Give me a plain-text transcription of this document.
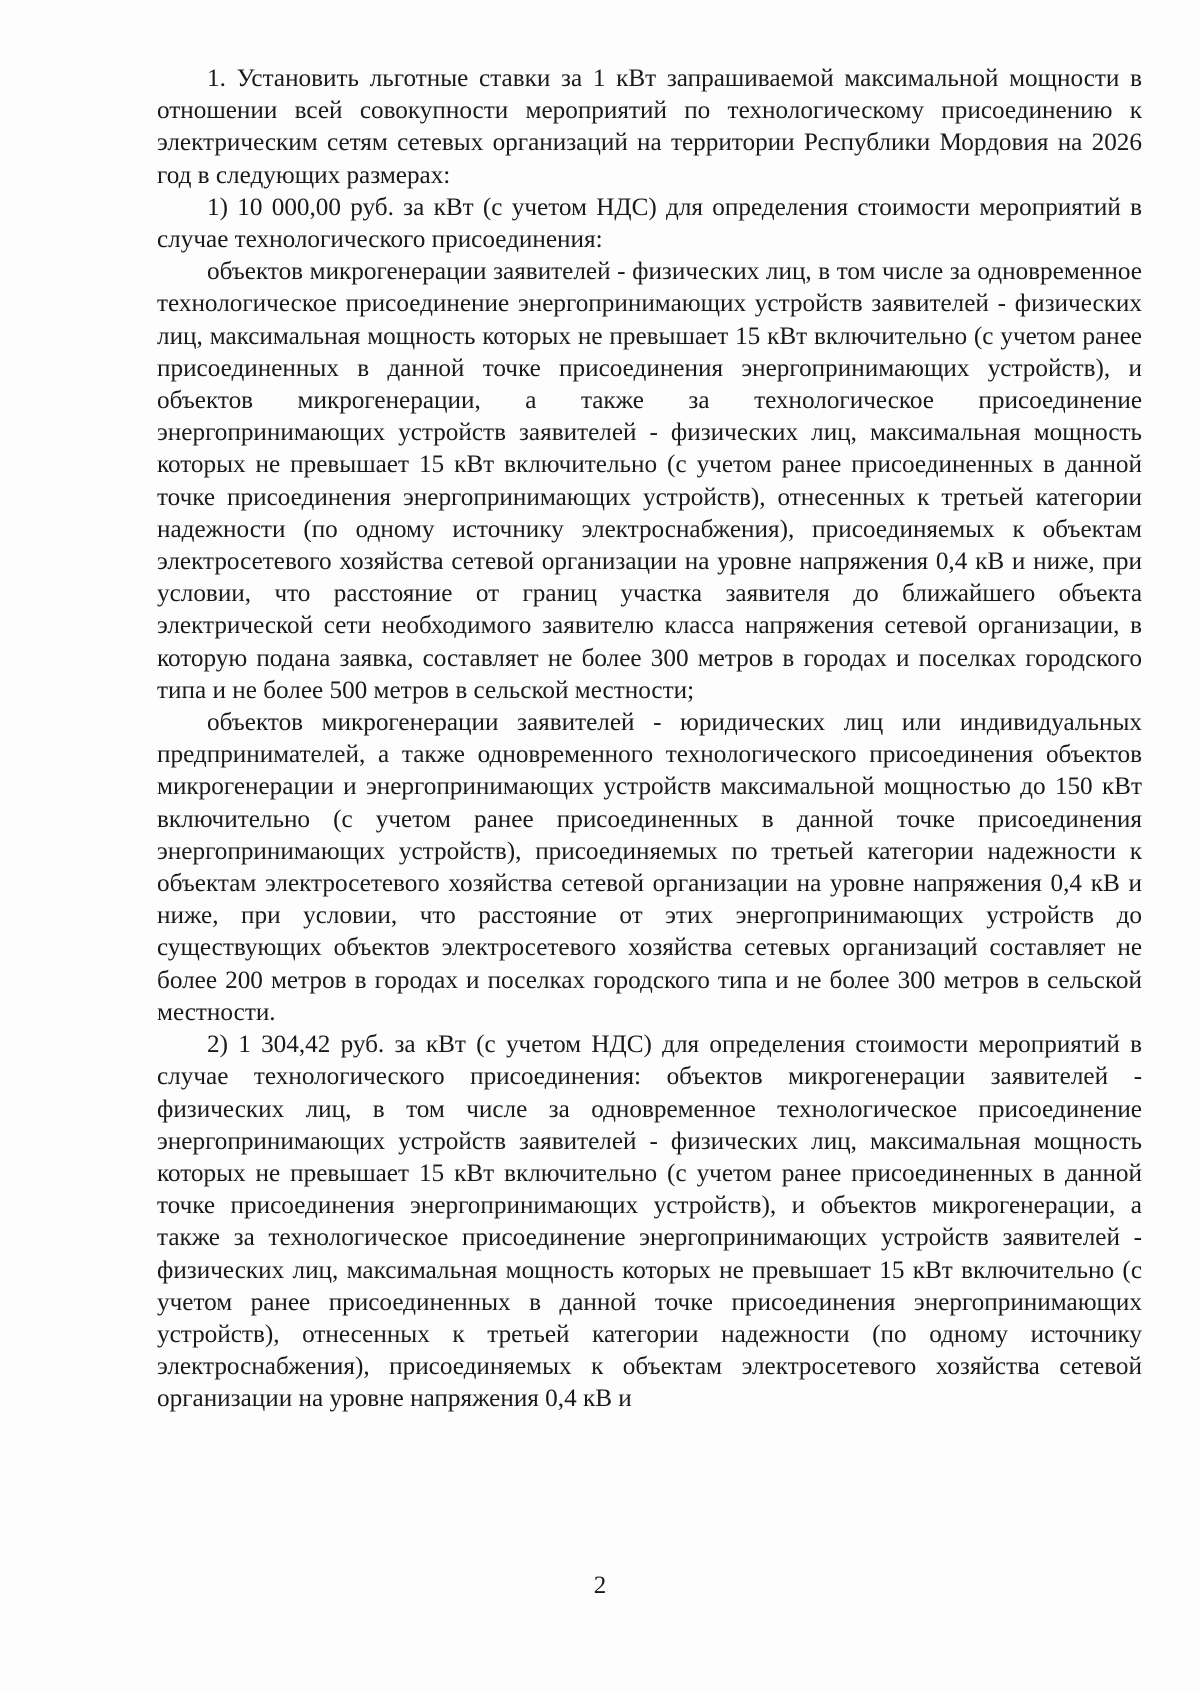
1. Установить льготные ставки за 1 кВт запрашиваемой максимальной мощности в отношении всей совокупности мероприятий по технологическому присоединению к электрическим сетям сетевых организаций на территории Республики Мордовия на 2026 год в следующих размерах:

1) 10 000,00 руб. за кВт (с учетом НДС) для определения стоимости мероприятий в случае технологического присоединения:

объектов микрогенерации заявителей - физических лиц, в том числе за одновременное технологическое присоединение энергопринимающих устройств заявителей - физических лиц, максимальная мощность которых не превышает 15 кВт включительно (с учетом ранее присоединенных в данной точке присоединения энергопринимающих устройств), и объектов микрогенерации, а также за технологическое присоединение энергопринимающих устройств заявителей - физических лиц, максимальная мощность которых не превышает 15 кВт включительно (с учетом ранее присоединенных в данной точке присоединения энергопринимающих устройств), отнесенных к третьей категории надежности (по одному источнику электроснабжения), присоединяемых к объектам электросетевого хозяйства сетевой организации на уровне напряжения 0,4 кВ и ниже, при условии, что расстояние от границ участка заявителя до ближайшего объекта электрической сети необходимого заявителю класса напряжения сетевой организации, в которую подана заявка, составляет не более 300 метров в городах и поселках городского типа и не более 500 метров в сельской местности;

объектов микрогенерации заявителей - юридических лиц или индивидуальных предпринимателей, а также одновременного технологического присоединения объектов микрогенерации и энергопринимающих устройств максимальной мощностью до 150 кВт включительно (с учетом ранее присоединенных в данной точке присоединения энергопринимающих устройств), присоединяемых по третьей категории надежности к объектам электросетевого хозяйства сетевой организации на уровне напряжения 0,4 кВ и ниже, при условии, что расстояние от этих энергопринимающих устройств до существующих объектов электросетевого хозяйства сетевых организаций составляет не более 200 метров в городах и поселках городского типа и не более 300 метров в сельской местности.

2) 1 304,42 руб. за кВт (с учетом НДС) для определения стоимости мероприятий в случае технологического присоединения: объектов микрогенерации заявителей - физических лиц, в том числе за одновременное технологическое присоединение энергопринимающих устройств заявителей - физических лиц, максимальная мощность которых не превышает 15 кВт включительно (с учетом ранее присоединенных в данной точке присоединения энергопринимающих устройств), и объектов микрогенерации, а также за технологическое присоединение энергопринимающих устройств заявителей - физических лиц, максимальная мощность которых не превышает 15 кВт включительно (с учетом ранее присоединенных в данной точке присоединения энергопринимающих устройств), отнесенных к третьей категории надежности (по одному источнику электроснабжения), присоединяемых к объектам электросетевого хозяйства сетевой организации на уровне напряжения 0,4 кВ и

2
